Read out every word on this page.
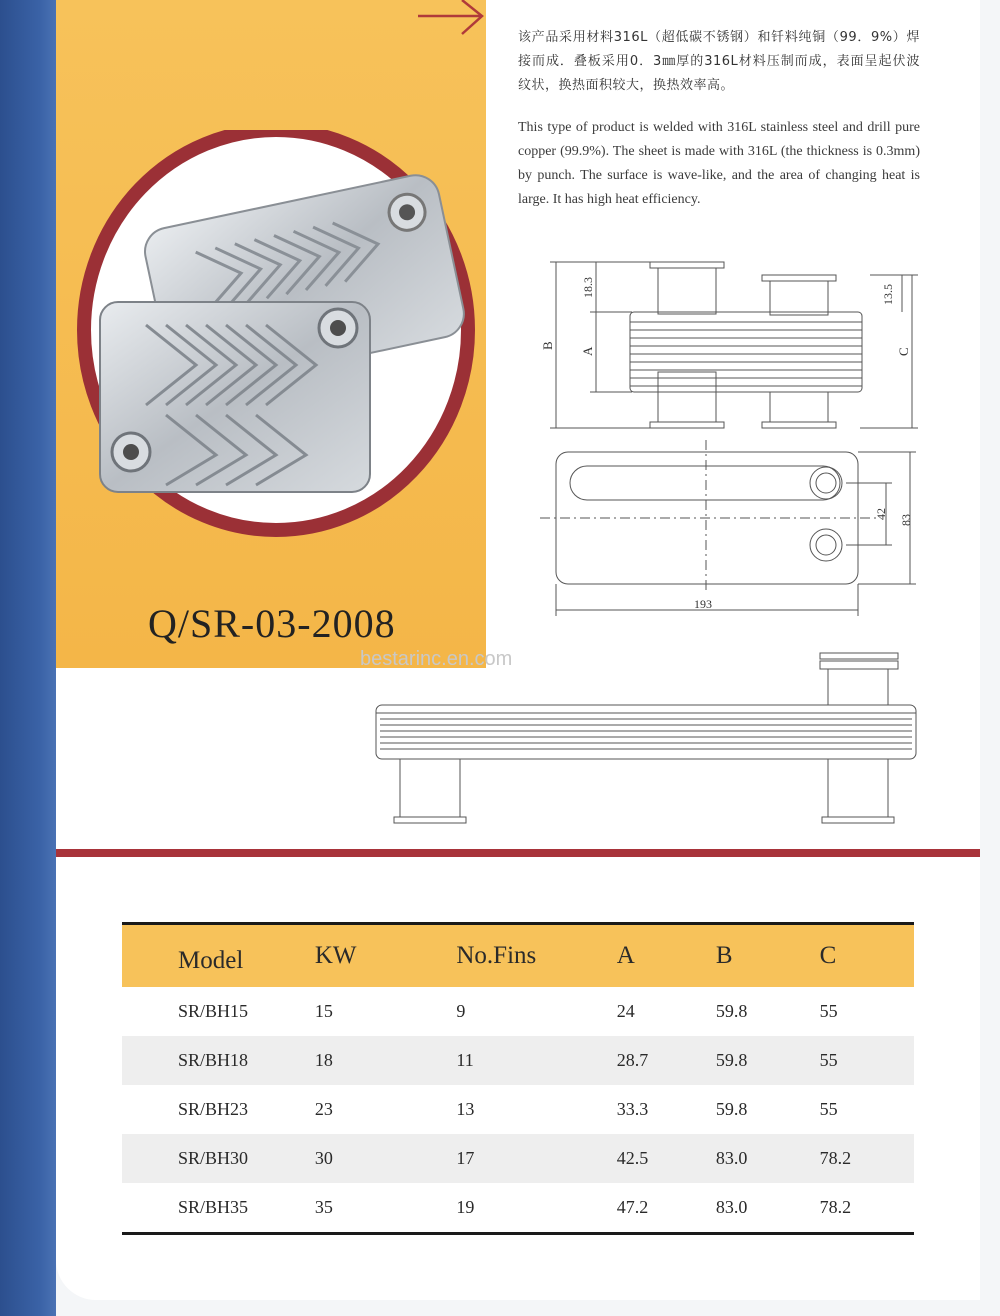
Q/SR-03-2008
bestarinc.en.com
该产品采用材料316L（超低碳不锈钢）和钎料纯铜（99．9%）焊接而成．叠板采用0．3㎜厚的316L材料压制而成，表面呈起伏波纹状，换热面积较大，换热效率高。
This type of product is welded with 316L stainless steel and drill pure copper (99.9%). The sheet is made with 316L (the thickness is 0.3mm) by punch. The surface is wave-like, and the area of changing heat is large. It has high heat efficiency.
18.3	13.5
B
A	C
42 83
193
Model	KW	No.Fins	A	B	C
SR/BH15	15	9	24	59.8	55
SR/BH18	18	11	28.7	59.8	55
SR/BH23	23	13	33.3	59.8	55
SR/BH30	30	17	42.5	83.0	78.2
SR/BH35	35	19	47.2	83.0	78.2
